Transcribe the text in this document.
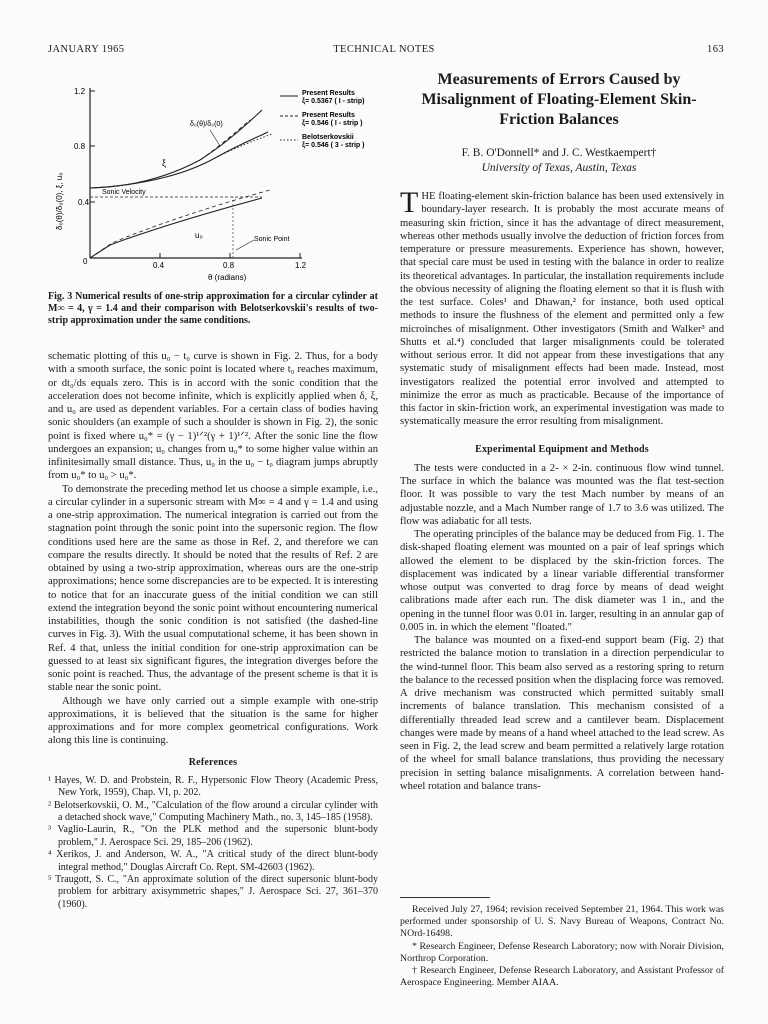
JANUARY 1965	TECHNICAL NOTES	163
1.2
0.8
0.4
0	0.4	0.8	1.2
θ (radians)
δ₀(θ)/δ₀(0), ξ, u₀
δ₀(θ)/δ₀(0)
ξ
u₀
Sonic Velocity
Sonic Point
Present Results
ξ= 0.5367 ( I - strip)
Present Results
ξ= 0.546 ( I - strip )
Belotserkovskii
ξ= 0.546 ( 3 - strip )
Fig. 3 Numerical results of one-strip approximation for a circular cylinder at M∞ = 4, γ = 1.4 and their comparison with Belotserkovskii's results of two-strip approximation under the same conditions.

schematic plotting of this u₀ − t₀ curve is shown in Fig. 2. Thus, for a body with a smooth surface, the sonic point is located where t₀ reaches maximum, or dt₀/ds equals zero. This is in accord with the sonic condition that the acceleration does not become infinite, which is explicitly applied when δ, ξ, and u₀ are used as dependent variables. For a certain class of bodies having sonic shoulders (an example of such a shoulder is shown in Fig. 2), the sonic point is fixed where u₀* = (γ − 1)¹ᐟ²(γ + 1)¹ᐟ². After the sonic line the flow undergoes an expansion; u₀ changes from u₀* to some higher value within an infinitesimally small distance. Thus, u₀ in the u₀ − t₀ diagram jumps abruptly from u₀* to u₀ > u₀*.

To demonstrate the preceding method let us choose a simple example, i.e., a circular cylinder in a supersonic stream with M∞ = 4 and γ = 1.4 and using a one-strip approximation. The numerical integration is carried out from the stagnation point through the sonic point into the supersonic region. The flow conditions used here are the same as those in Ref. 2, and therefore we can compare the results directly. It should be noted that the results of Ref. 2 are obtained by using a two-strip approximation, whereas ours are the one-strip approximations; hence some discrepancies are to be expected. It is interesting to notice that for an inaccurate guess of the initial condition we can still extend the integration beyond the sonic point without encountering numerical instabilities, though the sonic condition is not satisfied (the dashed-line curves in Fig. 3). With the usual computational scheme, it has been shown in Ref. 4 that, unless the initial condition for one-strip approximation can be guessed to at least six significant figures, the integration diverges before the sonic point is reached. Thus, the advantage of the present scheme is that it is stable near the sonic point.

Although we have only carried out a simple example with one-strip approximations, it is believed that the situation is the same for higher approximations and for more complex geometrical configurations. Work along this line is continuing.

References

¹ Hayes, W. D. and Probstein, R. F., Hypersonic Flow Theory (Academic Press, New York, 1959), Chap. VI, p. 202.

² Belotserkovskii, O. M., "Calculation of the flow around a circular cylinder with a detached shock wave," Computing Machinery Math., no. 3, 145–185 (1958).

³ Vaglio-Laurin, R., "On the PLK method and the supersonic blunt-body problem," J. Aerospace Sci. 29, 185–206 (1962).

⁴ Xerikos, J. and Anderson, W. A., "A critical study of the direct blunt-body integral method," Douglas Aircraft Co. Rept. SM-42603 (1962).

⁵ Traugott, S. C., "An approximate solution of the direct supersonic blunt-body problem for arbitrary axisymmetric shapes," J. Aerospace Sci. 27, 361–370 (1960).

Measurements of Errors Caused by Misalignment of Floating-Element Skin-Friction Balances
F. B. O'Donnell* and J. C. Westkaempert†
University of Texas, Austin, Texas

THE floating-element skin-friction balance has been used extensively in boundary-layer research. It is probably the most accurate means of measuring skin friction, since it has the advantage of direct measurement, whereas other methods usually involve the deduction of friction forces from temperature or pressure measurements. Experience has shown, however, that special care must be used in testing with the balance in order to realize its theoretical advantages. In particular, the installation requirements include the obvious necessity of aligning the floating element so that it is flush with the test surface. Coles¹ and Dhawan,² for instance, both used optical methods to insure the flushness of the element and permitted only a few microinches of misalignment. Other investigators (Smith and Walker³ and Shutts et al.⁴) concluded that larger misalignments could be tolerated without serious error. It did not appear from these investigations that any systematic study of misalignment effects had been made. Instead, most investigators realized the potential error involved and attempted to minimize the error as much as practicable. Because of the importance of this factor in skin-friction work, an experimental investigation was made to systematically measure the error resulting from misalignment.

Experimental Equipment and Methods

The tests were conducted in a 2- × 2-in. continuous flow wind tunnel. The surface in which the balance was mounted was the flat test-section floor. It was possible to vary the test Mach number by means of an adjustable nozzle, and a Mach Number range of 1.7 to 3.6 was utilized. The flow was adiabatic for all tests.

The operating principles of the balance may be deduced from Fig. 1. The disk-shaped floating element was mounted on a pair of leaf springs which allowed the element to be displaced by the skin-friction forces. The displacement was indicated by a linear variable differential transformer whose output was converted to drag force by means of dead weight calibrations made after each run. The disk diameter was 1 in., and the opening in the tunnel floor was 0.01 in. larger, resulting in an annular gap of 0.005 in. in which the element "floated."

The balance was mounted on a fixed-end support beam (Fig. 2) that restricted the balance motion to translation in a direction perpendicular to the wind-tunnel floor. This beam also served as a restoring spring to return the balance to the recessed position when the displacing force was removed. A drive mechanism was constructed which permitted suitably small increments of balance translation. This mechanism consisted of a differentially threaded lead screw and a cantilever beam. Displacement changes were made by means of a hand wheel attached to the lead screw. As seen in Fig. 2, the lead screw and beam permitted a relatively large rotation of the wheel for small balance translations, thus providing the necessary precision in setting balance misalignments. A correlation between hand-wheel rotation and balance trans-

Received July 27, 1964; revision received September 21, 1964. This work was performed under sponsorship of U. S. Navy Bureau of Weapons, Contract No. NOrd-16498.

* Research Engineer, Defense Research Laboratory; now with Norair Division, Northrop Corporation.

† Research Engineer, Defense Research Laboratory, and Assistant Professor of Aerospace Engineering. Member AIAA.
